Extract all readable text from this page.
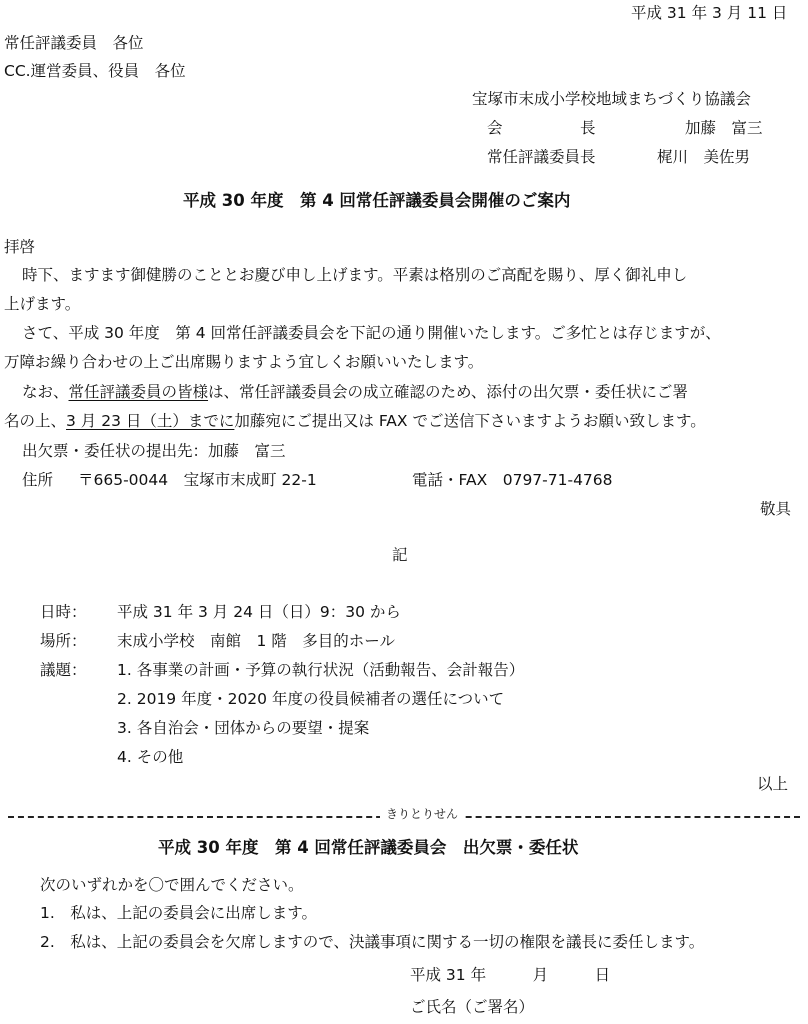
平成 31 年 3 月 11 日
常任評議委員　各位
CC.運営委員、役員　各位
宝塚市末成小学校地域まちづくり協議会
会　　　　　長	加藤　富三
常任評議委員長	梶川　美佐男
平成 30 年度　第 4 回常任評議委員会開催のご案内
拝啓
時下、ますます御健勝のこととお慶び申し上げます。平素は格別のご高配を賜り、厚く御礼申し
上げます。
さて、平成 30 年度　第 4 回常任評議委員会を下記の通り開催いたします。ご多忙とは存じますが、
万障お繰り合わせの上ご出席賜りますよう宜しくお願いいたします。
なお、常任評議委員の皆様は、常任評議委員会の成立確認のため、添付の出欠票・委任状にご署
名の上、3 月 23 日（土）までに加藤宛にご提出又は FAX でご送信下さいますようお願い致します。
出欠票・委任状の提出先：加藤　富三
住所 〒665-0044　宝塚市末成町 22-1	電話・FAX　0797-71-4768
敬具
記
日時： 平成 31 年 3 月 24 日（日）9：30 から
場所： 末成小学校　南館　1 階　多目的ホール
議題： 1. 各事業の計画・予算の執行状況（活動報告、会計報告）
2. 2019 年度・2020 年度の役員候補者の選任について
3. 各自治会・団体からの要望・提案
4. その他
以上
きりとりせん
平成 30 年度　第 4 回常任評議委員会　出欠票・委任状
次のいずれかを〇で囲んでください。
1.　私は、上記の委員会に出席します。
2.　私は、上記の委員会を欠席しますので、決議事項に関する一切の権限を議長に委任します。
平成 31 年　　　月　　　日
ご氏名（ご署名）
